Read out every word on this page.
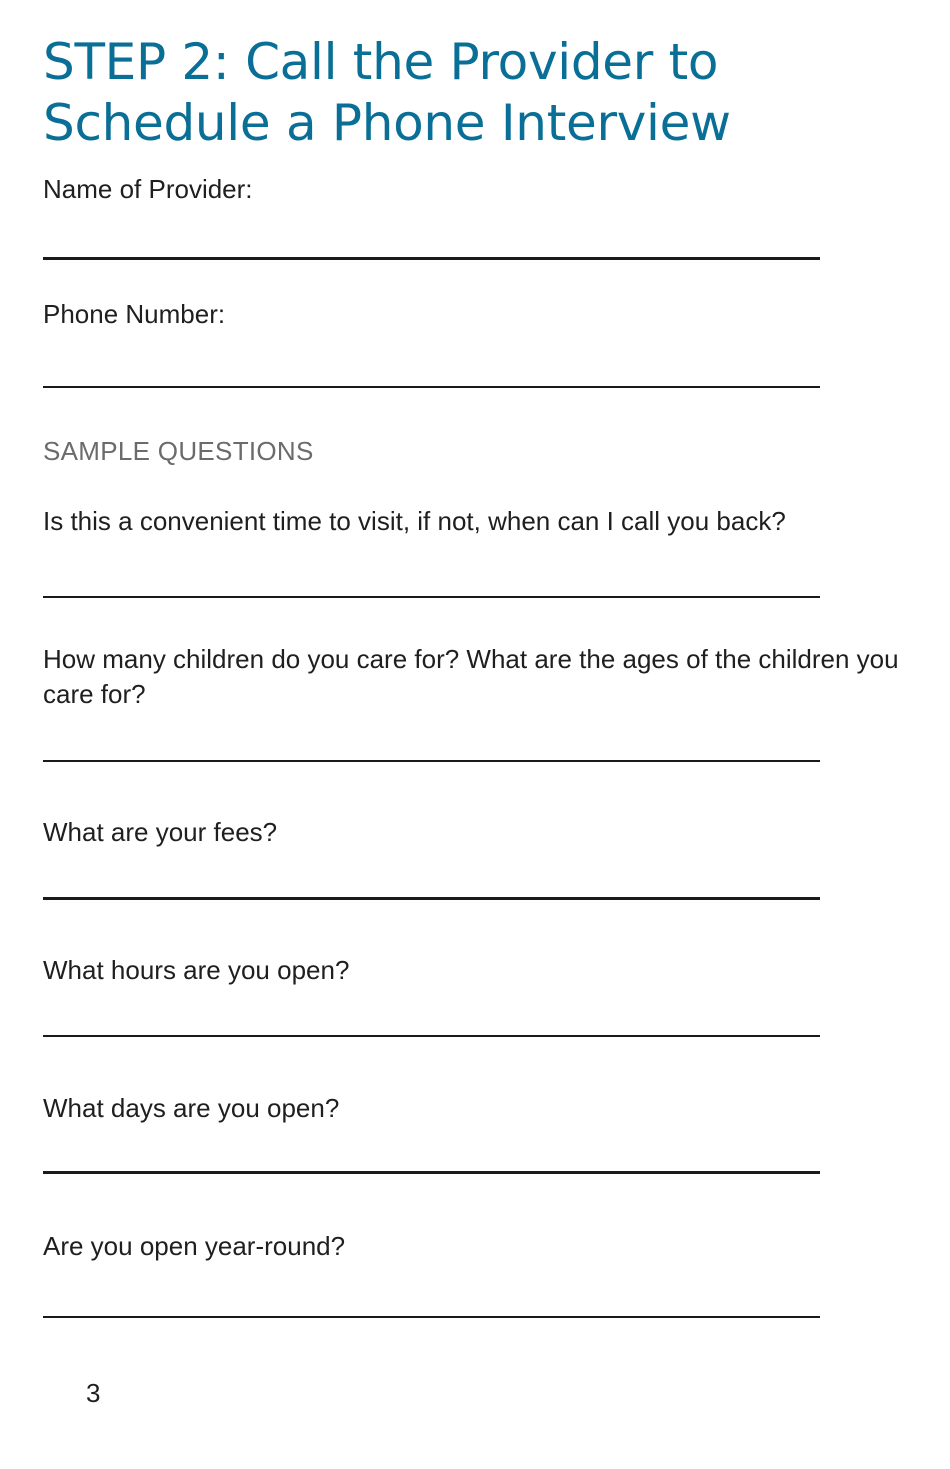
STEP 2: Call the Provider to Schedule a Phone Interview
Name of Provider:
Phone Number:
SAMPLE QUESTIONS
Is this a convenient time to visit, if not, when can I call you back?
How many children do you care for? What are the ages of the children you care for?
What are your fees?
What hours are you open?
What days are you open?
Are you open year-round?
3
